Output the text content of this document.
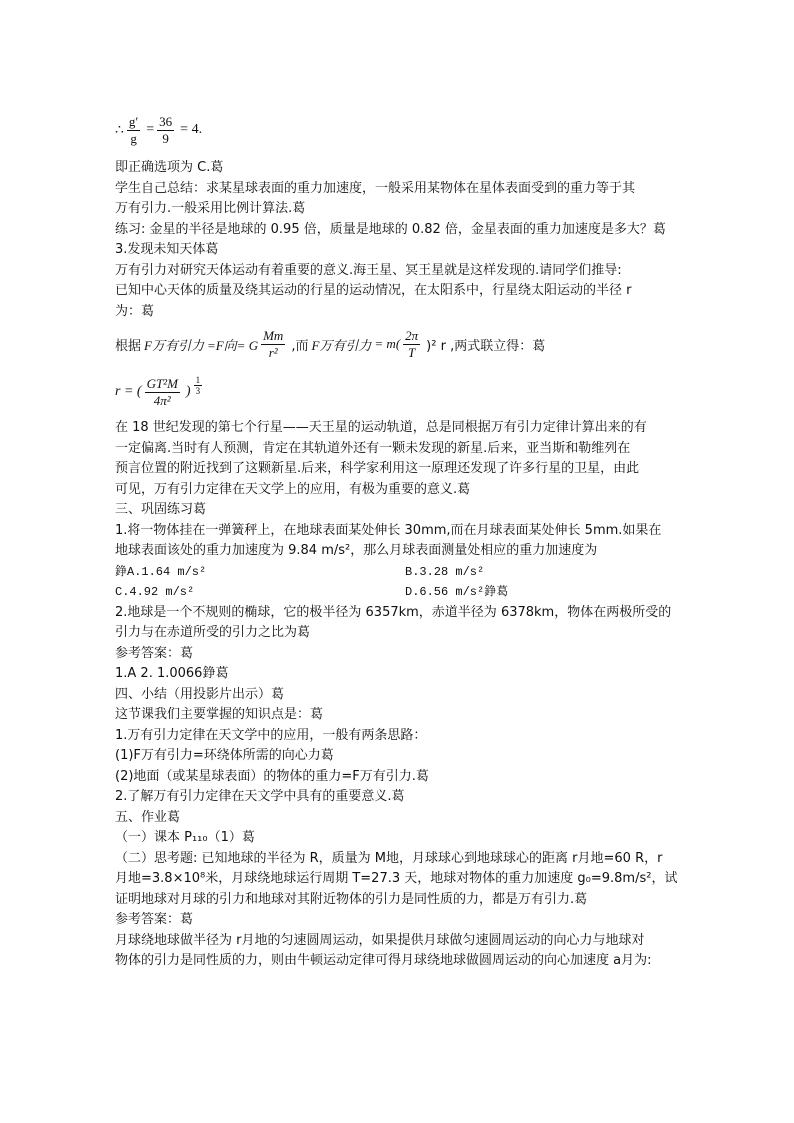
∴ $\frac{g'}{g} = \frac{36}{9} = 4$.
即正确选项为 C.葛
学生自己总结：求某星球表面的重力加速度，一般采用某物体在星体表面受到的重力等于其
万有引力.一般采用比例计算法.葛
练习: 金星的半径是地球的 0.95 倍，质量是地球的 0.82 倍，金星表面的重力加速度是多大？葛
3.发现未知天体葛
万有引力对研究天体运动有着重要的意义.海王星、冥王星就是这样发现的.请同学们推导:
已知中心天体的质量及绕其运动的行星的运动情况，在太阳系中，行星绕太阳运动的半径 r
为：葛
根据 F万有引力 =F向= G $\frac{Mm}{\text{r²}}$ ,而 F万有引力 = $m( \frac{2\pi}{T} )^2$ r ,两式联立得：葛
r = ( $\frac{\text{GT²M}}{\text{4π²}}$ ) $\frac{1}{3}$
在 18 世纪发现的第七个行星——天王星的运动轨道，总是同根据万有引力定律计算出来的有
一定偏离.当时有人预测，肯定在其轨道外还有一颗未发现的新星.后来，亚当斯和勒维列在
预言位置的附近找到了这颗新星.后来，科学家利用这一原理还发现了许多行星的卫星，由此
可见，万有引力定律在天文学上的应用，有极为重要的意义.葛
三、巩固练习葛
1.将一物体挂在一弹簧秤上，在地球表面某处伸长 30mm,而在月球表面某处伸长 5mm.如果在
地球表面该处的重力加速度为 9.84 m/s²，那么月球表面测量处相应的重力加速度为
錚A.1.64 m/s²	B.3.28 m/s²
C.4.92 m/s²	D.6.56 m/s²錚葛
2.地球是一个不规则的椭球，它的极半径为 6357km，赤道半径为 6378km，物体在两极所受的
引力与在赤道所受的引力之比为葛
参考答案：葛
1.A 2. 1.0066錚葛
四、小结（用投影片出示）葛
这节课我们主要掌握的知识点是：葛
1.万有引力定律在天文学中的应用，一般有两条思路：
(1)F万有引力=环绕体所需的向心力葛
(2)地面（或某星球表面）的物体的重力=F万有引力.葛
2.了解万有引力定律在天文学中具有的重要意义.葛
五、作业葛
（一）课本 P₁₁₀（1）葛
（二）思考题: 已知地球的半径为 R，质量为 M地，月球球心到地球球心的距离 r月地=60 R，r
月地=3.8×10⁸米，月球绕地球运行周期 T=27.3 天，地球对物体的重力加速度 g₀=9.8m/s²，试
证明地球对月球的引力和地球对其附近物体的引力是同性质的力，都是万有引力.葛
参考答案：葛
月球绕地球做半径为 r月地的匀速圆周运动，如果提供月球做匀速圆周运动的向心力与地球对
物体的引力是同性质的力，则由牛顿运动定律可得月球绕地球做圆周运动的向心加速度 a月为:
